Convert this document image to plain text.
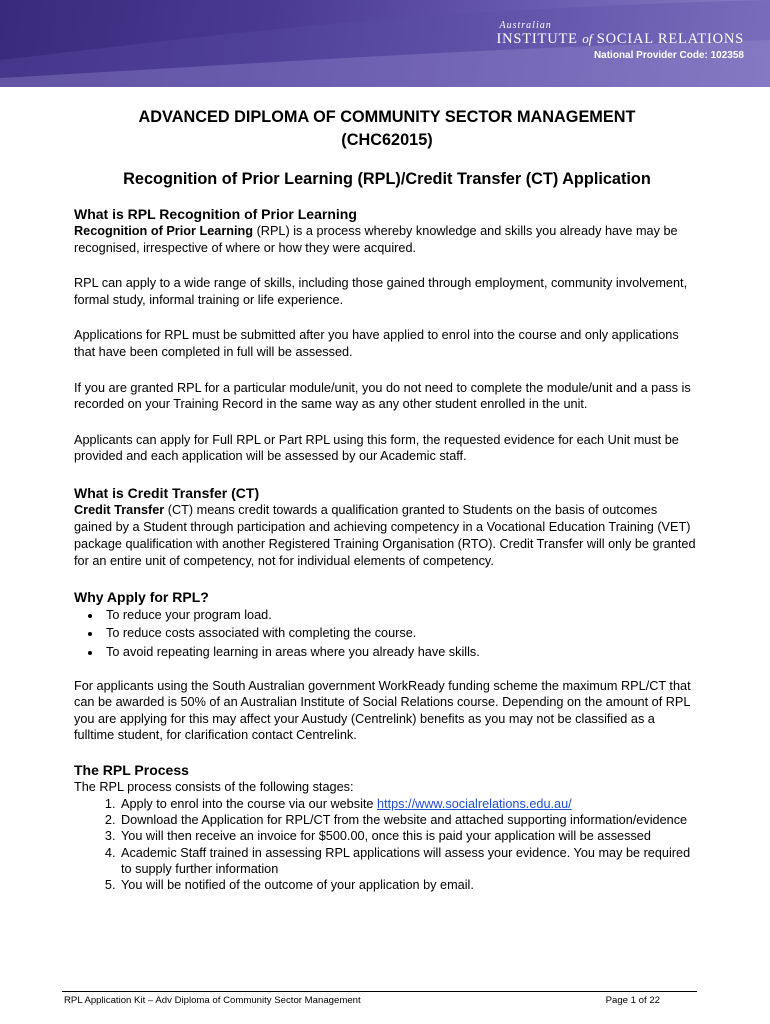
Australian
INSTITUTE of SOCIAL RELATIONS
National Provider Code: 102358
ADVANCED DIPLOMA OF COMMUNITY SECTOR MANAGEMENT
(CHC62015)
Recognition of Prior Learning (RPL)/Credit Transfer (CT) Application
What is RPL Recognition of Prior Learning

Recognition of Prior Learning (RPL) is a process whereby knowledge and skills you already have may be recognised, irrespective of where or how they were acquired.

RPL can apply to a wide range of skills, including those gained through employment, community involvement, formal study, informal training or life experience.

Applications for RPL must be submitted after you have applied to enrol into the course and only applications that have been completed in full will be assessed.

If you are granted RPL for a particular module/unit, you do not need to complete the module/unit and a pass is recorded on your Training Record in the same way as any other student enrolled in the unit.

Applicants can apply for Full RPL or Part RPL using this form, the requested evidence for each Unit must be provided and each application will be assessed by our Academic staff.

What is Credit Transfer (CT)

Credit Transfer (CT) means credit towards a qualification granted to Students on the basis of outcomes gained by a Student through participation and achieving competency in a Vocational Education Training (VET) package qualification with another Registered Training Organisation (RTO). Credit Transfer will only be granted for an entire unit of competency, not for individual elements of competency.

Why Apply for RPL?
• To reduce your program load.
• To reduce costs associated with completing the course.
• To avoid repeating learning in areas where you already have skills.

For applicants using the South Australian government WorkReady funding scheme the maximum RPL/CT that can be awarded is 50% of an Australian Institute of Social Relations course. Depending on the amount of RPL you are applying for this may affect your Austudy (Centrelink) benefits as you may not be classified as a fulltime student, for clarification contact Centrelink.

The RPL Process

The RPL process consists of the following stages:

1. Apply to enrol into the course via our website https://www.socialrelations.edu.au/
2. Download the Application for RPL/CT from the website and attached supporting information/evidence
3. You will then receive an invoice for $500.00, once this is paid your application will be assessed
4. Academic Staff trained in assessing RPL applications will assess your evidence. You may be required to supply further information
5. You will be notified of the outcome of your application by email.
RPL Application Kit – Adv Diploma of Community Sector Management	Page 1 of 22
